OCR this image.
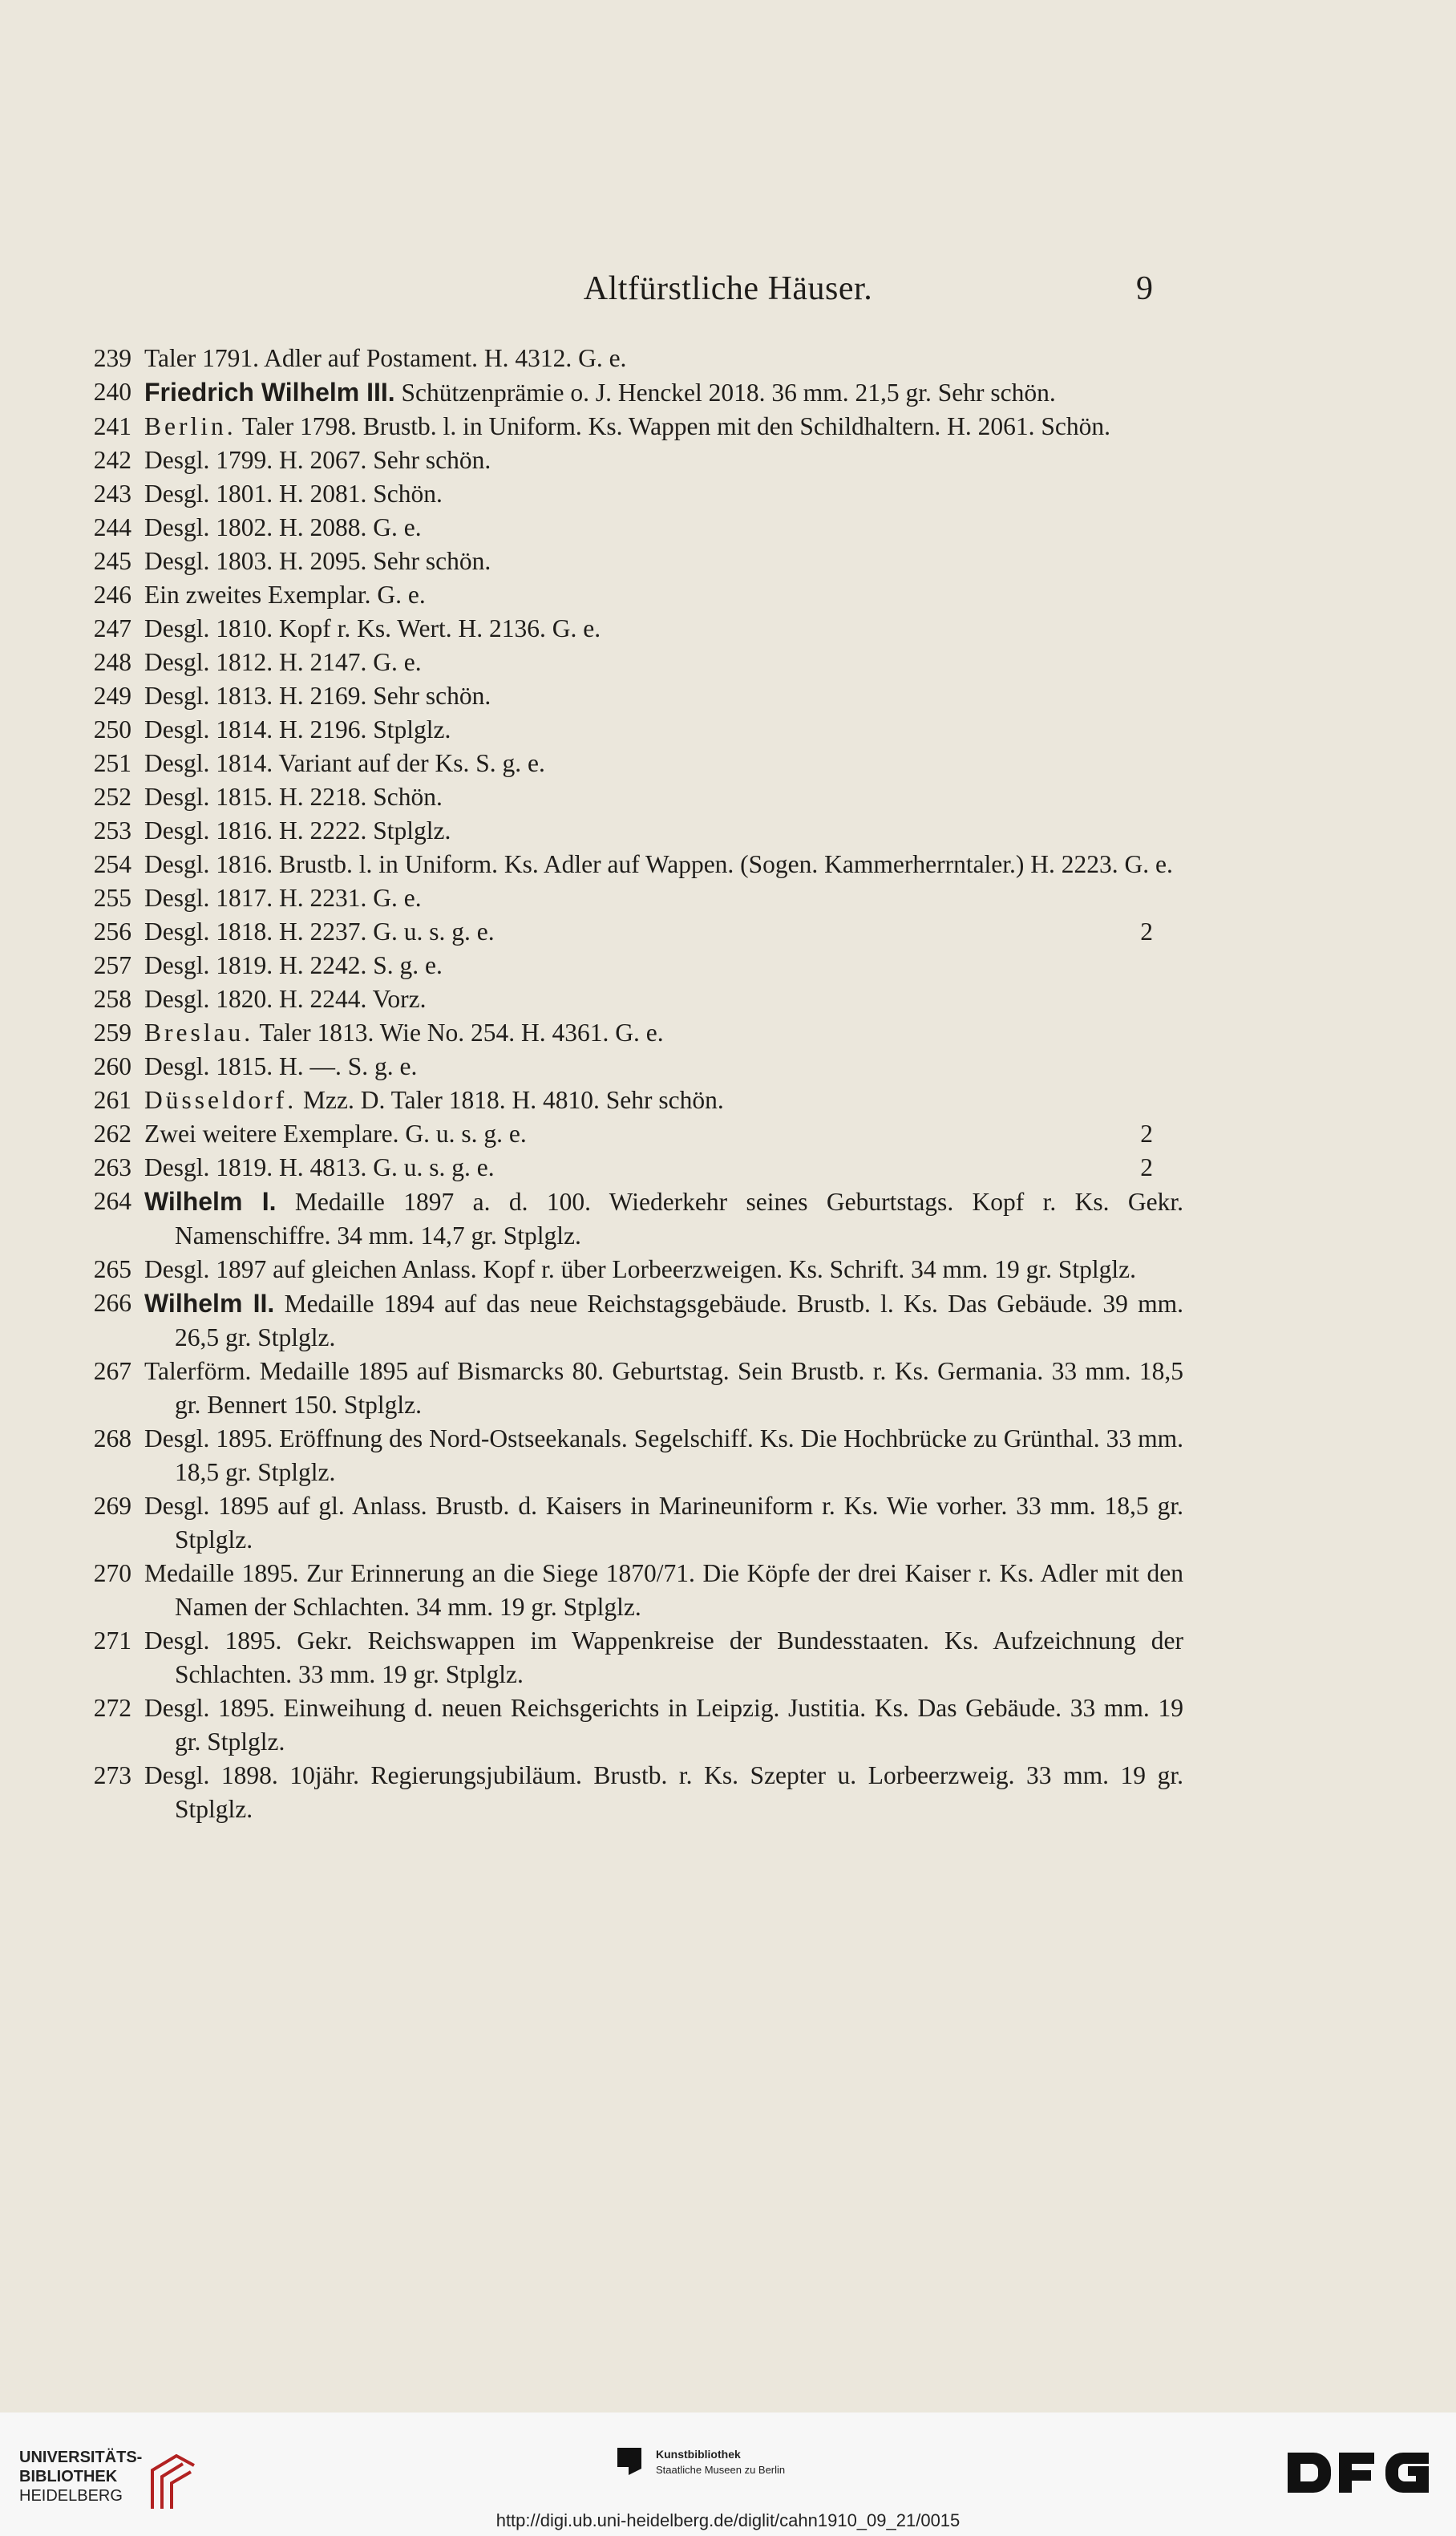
Altfürstliche Häuser.	9
239 Taler 1791. Adler auf Postament. H. 4312. G. e.
240 Friedrich Wilhelm III. Schützenprämie o. J. Henckel 2018. 36 mm. 21,5 gr. Sehr schön.
241 Berlin. Taler 1798. Brustb. l. in Uniform. Ks. Wappen mit den Schildhaltern. H. 2061. Schön.
242 Desgl. 1799. H. 2067. Sehr schön.
243 Desgl. 1801. H. 2081. Schön.
244 Desgl. 1802. H. 2088. G. e.
245 Desgl. 1803. H. 2095. Sehr schön.
246 Ein zweites Exemplar. G. e.
247 Desgl. 1810. Kopf r. Ks. Wert. H. 2136. G. e.
248 Desgl. 1812. H. 2147. G. e.
249 Desgl. 1813. H. 2169. Sehr schön.
250 Desgl. 1814. H. 2196. Stplglz.
251 Desgl. 1814. Variant auf der Ks. S. g. e.
252 Desgl. 1815. H. 2218. Schön.
253 Desgl. 1816. H. 2222. Stplglz.
254 Desgl. 1816. Brustb. l. in Uniform. Ks. Adler auf Wappen. (Sogen. Kammerherrntaler.) H. 2223. G. e.
255 Desgl. 1817. H. 2231. G. e.
256 Desgl. 1818. H. 2237. G. u. s. g. e.	2
257 Desgl. 1819. H. 2242. S. g. e.
258 Desgl. 1820. H. 2244. Vorz.
259 Breslau. Taler 1813. Wie No. 254. H. 4361. G. e.
260 Desgl. 1815. H. —. S. g. e.
261 Düsseldorf. Mzz. D. Taler 1818. H. 4810. Sehr schön.
262 Zwei weitere Exemplare. G. u. s. g. e.	2
263 Desgl. 1819. H. 4813. G. u. s. g. e.	2
264 Wilhelm I. Medaille 1897 a. d. 100. Wiederkehr seines Geburtstags. Kopf r. Ks. Gekr. Namenschiffre. 34 mm. 14,7 gr. Stplglz.
265 Desgl. 1897 auf gleichen Anlass. Kopf r. über Lorbeerzweigen. Ks. Schrift. 34 mm. 19 gr. Stplglz.
266 Wilhelm II. Medaille 1894 auf das neue Reichstagsgebäude. Brustb. l. Ks. Das Gebäude. 39 mm. 26,5 gr. Stplglz.
267 Talerförm. Medaille 1895 auf Bismarcks 80. Geburtstag. Sein Brustb. r. Ks. Germania. 33 mm. 18,5 gr. Bennert 150. Stplglz.
268 Desgl. 1895. Eröffnung des Nord-Ostseekanals. Segelschiff. Ks. Die Hochbrücke zu Grünthal. 33 mm. 18,5 gr. Stplglz.
269 Desgl. 1895 auf gl. Anlass. Brustb. d. Kaisers in Marineuniform r. Ks. Wie vorher. 33 mm. 18,5 gr. Stplglz.
270 Medaille 1895. Zur Erinnerung an die Siege 1870/71. Die Köpfe der drei Kaiser r. Ks. Adler mit den Namen der Schlachten. 34 mm. 19 gr. Stplglz.
271 Desgl. 1895. Gekr. Reichswappen im Wappenkreise der Bundesstaaten. Ks. Aufzeichnung der Schlachten. 33 mm. 19 gr. Stplglz.
272 Desgl. 1895. Einweihung d. neuen Reichsgerichts in Leipzig. Justitia. Ks. Das Gebäude. 33 mm. 19 gr. Stplglz.
273 Desgl. 1898. 10jähr. Regierungsjubiläum. Brustb. r. Ks. Szepter u. Lorbeerzweig. 33 mm. 19 gr. Stplglz.
UNIVERSITÄTS-
BIBLIOTHEK
HEIDELBERG
Kunstbibliothek
Staatliche Museen zu Berlin
http://digi.ub.uni-heidelberg.de/diglit/cahn1910_09_21/0015
